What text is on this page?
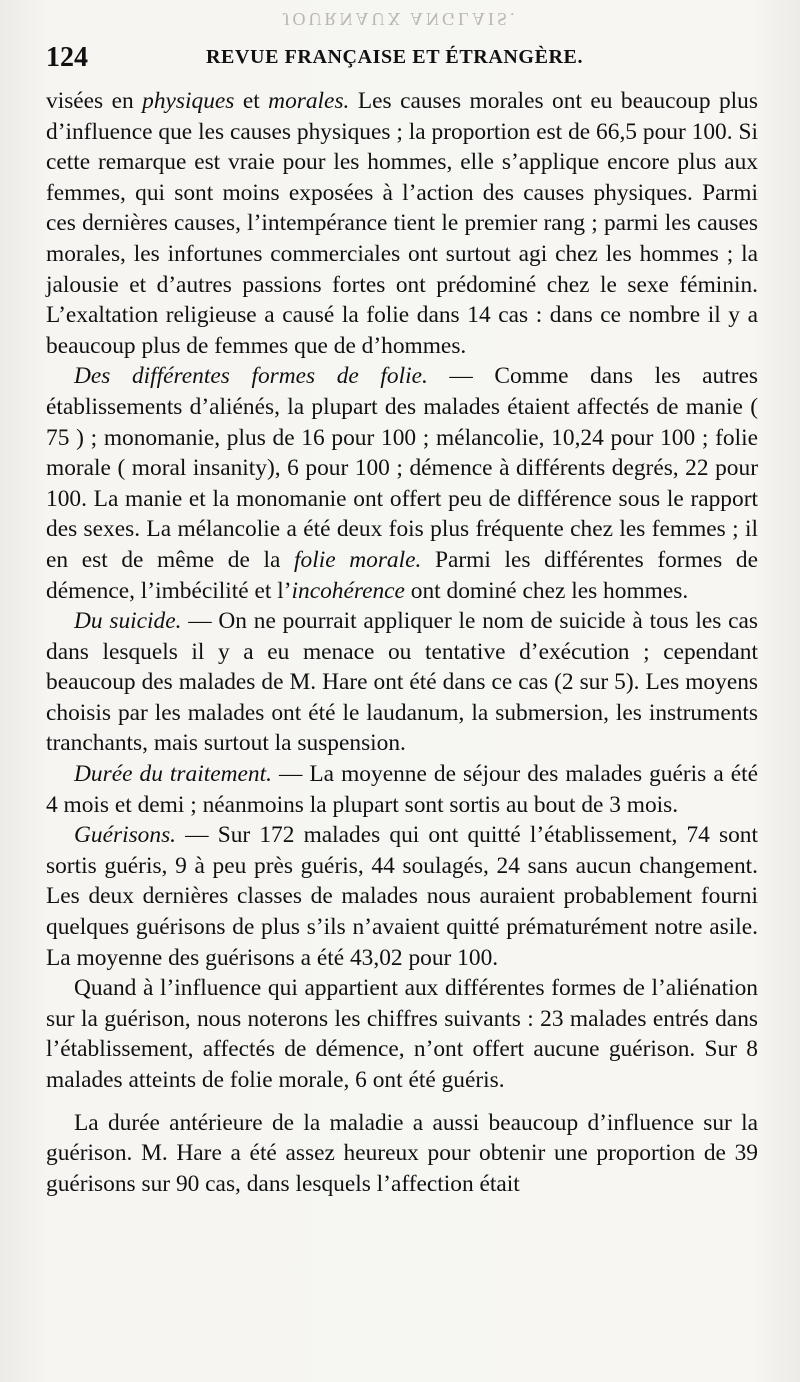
JOURNAUX ANGLAIS.
124	REVUE FRANÇAISE ET ÉTRANGÈRE.

visées en physiques et morales. Les causes morales ont eu beaucoup plus d’influence que les causes physiques ; la proportion est de 66,5 pour 100. Si cette remarque est vraie pour les hommes, elle s’applique encore plus aux femmes, qui sont moins exposées à l’action des causes physiques. Parmi ces dernières causes, l’intempérance tient le premier rang ; parmi les causes morales, les infortunes commerciales ont surtout agi chez les hommes ; la jalousie et d’autres passions fortes ont prédominé chez le sexe féminin. L’exaltation religieuse a causé la folie dans 14 cas : dans ce nombre il y a beaucoup plus de femmes que de d’hommes.

Des différentes formes de folie. — Comme dans les autres établissements d’aliénés, la plupart des malades étaient affectés de manie ( 75 ) ; monomanie, plus de 16 pour 100 ; mélancolie, 10,24 pour 100 ; folie morale ( moral insanity), 6 pour 100 ; démence à différents degrés, 22 pour 100. La manie et la monomanie ont offert peu de différence sous le rapport des sexes. La mélancolie a été deux fois plus fréquente chez les femmes ; il en est de même de la folie morale. Parmi les différentes formes de démence, l’imbécilité et l’incohérence ont dominé chez les hommes.

Du suicide. — On ne pourrait appliquer le nom de suicide à tous les cas dans lesquels il y a eu menace ou tentative d’exécution ; cependant beaucoup des malades de M. Hare ont été dans ce cas (2 sur 5). Les moyens choisis par les malades ont été le laudanum, la submersion, les instruments tranchants, mais surtout la suspension.

Durée du traitement. — La moyenne de séjour des malades guéris a été 4 mois et demi ; néanmoins la plupart sont sortis au bout de 3 mois.

Guérisons. — Sur 172 malades qui ont quitté l’établissement, 74 sont sortis guéris, 9 à peu près guéris, 44 soulagés, 24 sans aucun changement. Les deux dernières classes de malades nous auraient probablement fourni quelques guérisons de plus s’ils n’avaient quitté prématurément notre asile. La moyenne des guérisons a été 43,02 pour 100.

Quand à l’influence qui appartient aux différentes formes de l’aliénation sur la guérison, nous noterons les chiffres suivants : 23 malades entrés dans l’établissement, affectés de démence, n’ont offert aucune guérison. Sur 8 malades atteints de folie morale, 6 ont été guéris.

La durée antérieure de la maladie a aussi beaucoup d’influence sur la guérison. M. Hare a été assez heureux pour obtenir une proportion de 39 guérisons sur 90 cas, dans lesquels l’affection était
